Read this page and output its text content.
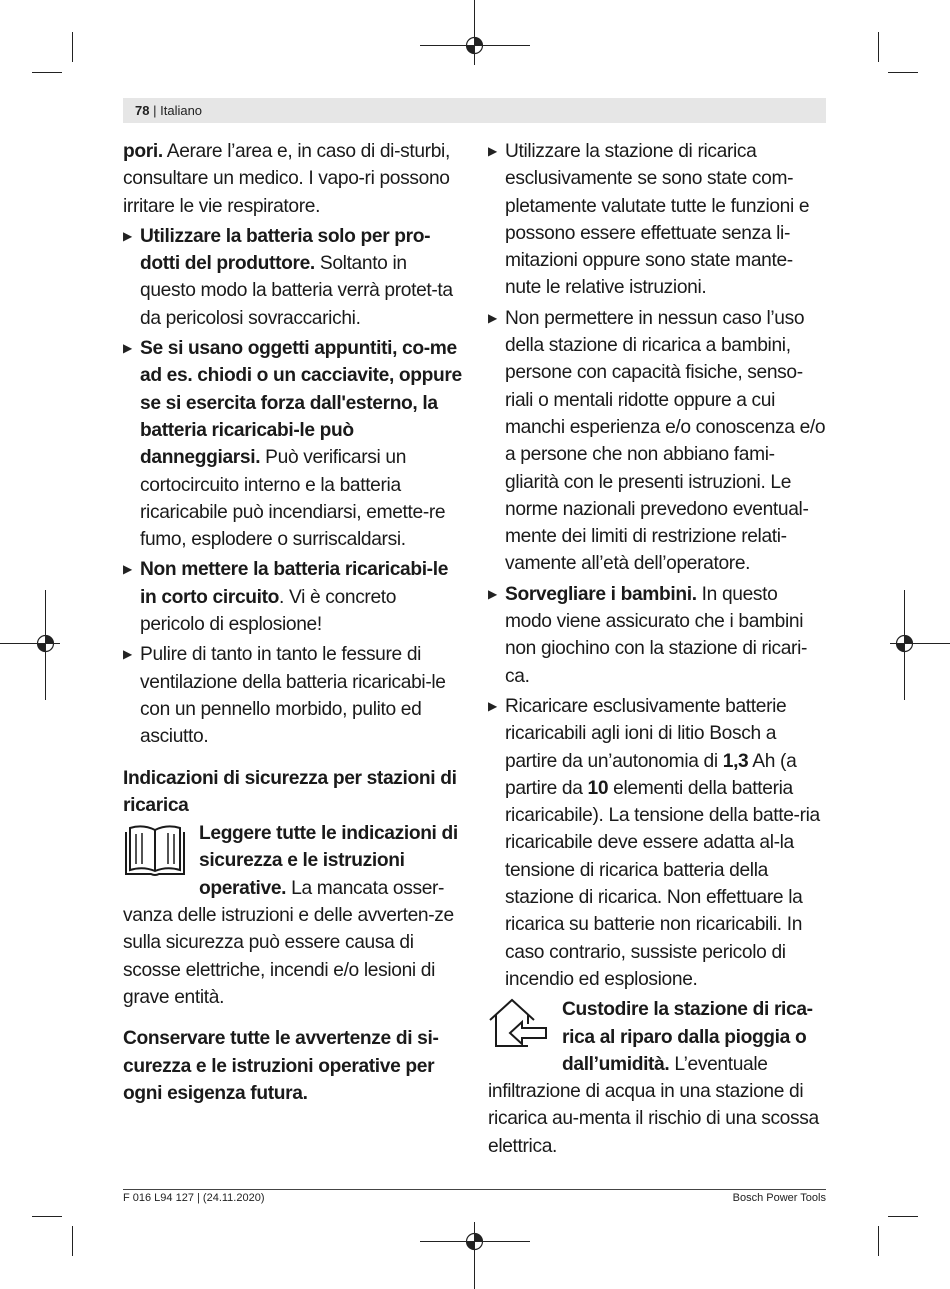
78 | Italiano

pori. Aerare l’area e, in caso di di-sturbi, consultare un medico. I vapo-ri possono irritare le vie respiratore.

▶ Utilizzare la batteria solo per pro-dotti del produttore. Soltanto in questo modo la batteria verrà protet-ta da pericolosi sovraccarichi.

▶ Se si usano oggetti appuntiti, co-me ad es. chiodi o un cacciavite, oppure se si esercita forza dall'esterno, la batteria ricaricabi-le può danneggiarsi. Può verificarsi un cortocircuito interno e la batteria ricaricabile può incendiarsi, emette-re fumo, esplodere o surriscaldarsi.

▶ Non mettere la batteria ricaricabi-le in corto circuito. Vi è concreto pericolo di esplosione!

▶ Pulire di tanto in tanto le fessure di ventilazione della batteria ricaricabi-le con un pennello morbido, pulito ed asciutto.

Indicazioni di sicurezza per stazioni di ricarica

Leggere tutte le indicazioni di sicurezza e le istruzioni operative. La mancata osser-vanza delle istruzioni e delle avverten-ze sulla sicurezza può essere causa di scosse elettriche, incendi e/o lesioni di grave entità.

Conservare tutte le avvertenze di si-curezza e le istruzioni operative per ogni esigenza futura.

▶ Utilizzare la stazione di ricarica esclusivamente se sono state com-pletamente valutate tutte le funzioni e possono essere effettuate senza li-mitazioni oppure sono state mante-nute le relative istruzioni.

▶ Non permettere in nessun caso l’uso della stazione di ricarica a bambini, persone con capacità fisiche, senso-riali o mentali ridotte oppure a cui manchi esperienza e/o conoscenza e/o a persone che non abbiano fami-gliarità con le presenti istruzioni. Le norme nazionali prevedono eventual-mente dei limiti di restrizione relati-vamente all’età dell’operatore.

▶ Sorvegliare i bambini. In questo modo viene assicurato che i bambini non giochino con la stazione di ricari-ca.

▶ Ricaricare esclusivamente batterie ricaricabili agli ioni di litio Bosch a partire da un’autonomia di 1,3 Ah (a partire da 10 elementi della batteria ricaricabile). La tensione della batte-ria ricaricabile deve essere adatta al-la tensione di ricarica batteria della stazione di ricarica. Non effettuare la ricarica su batterie non ricaricabili. In caso contrario, sussiste pericolo di incendio ed esplosione.

Custodire la stazione di rica-rica al riparo dalla pioggia o dall’umidità. L’eventuale infiltrazione di acqua in una stazione di ricarica au-menta il rischio di una scossa elettrica.

F 016 L94 127 | (24.11.2020)	Bosch Power Tools
